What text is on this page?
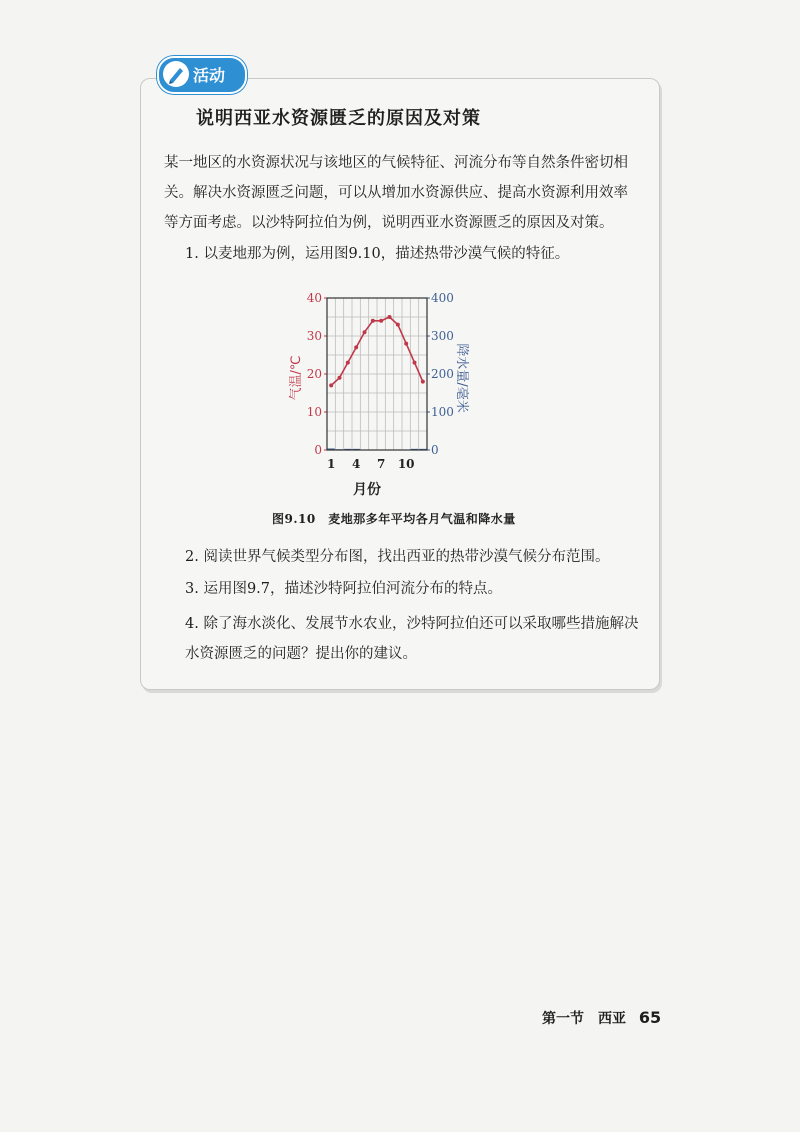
活动
说明西亚水资源匮乏的原因及对策
某一地区的水资源状况与该地区的气候特征、河流分布等自然条件密切相关。解决水资源匮乏问题，可以从增加水资源供应、提高水资源利用效率等方面考虑。以沙特阿拉伯为例，说明西亚水资源匮乏的原因及对策。
1. 以麦地那为例，运用图9.10，描述热带沙漠气候的特征。
0
10
20
30
40
0
100
200
300
400
1 4 7 10
气温/℃	降水量/毫米
月份
图9.10　麦地那多年平均各月气温和降水量
2. 阅读世界气候类型分布图，找出西亚的热带沙漠气候分布范围。
3. 运用图9.7，描述沙特阿拉伯河流分布的特点。
4. 除了海水淡化、发展节水农业，沙特阿拉伯还可以采取哪些措施解决水资源匮乏的问题？提出你的建议。
第一节　西亚 65
